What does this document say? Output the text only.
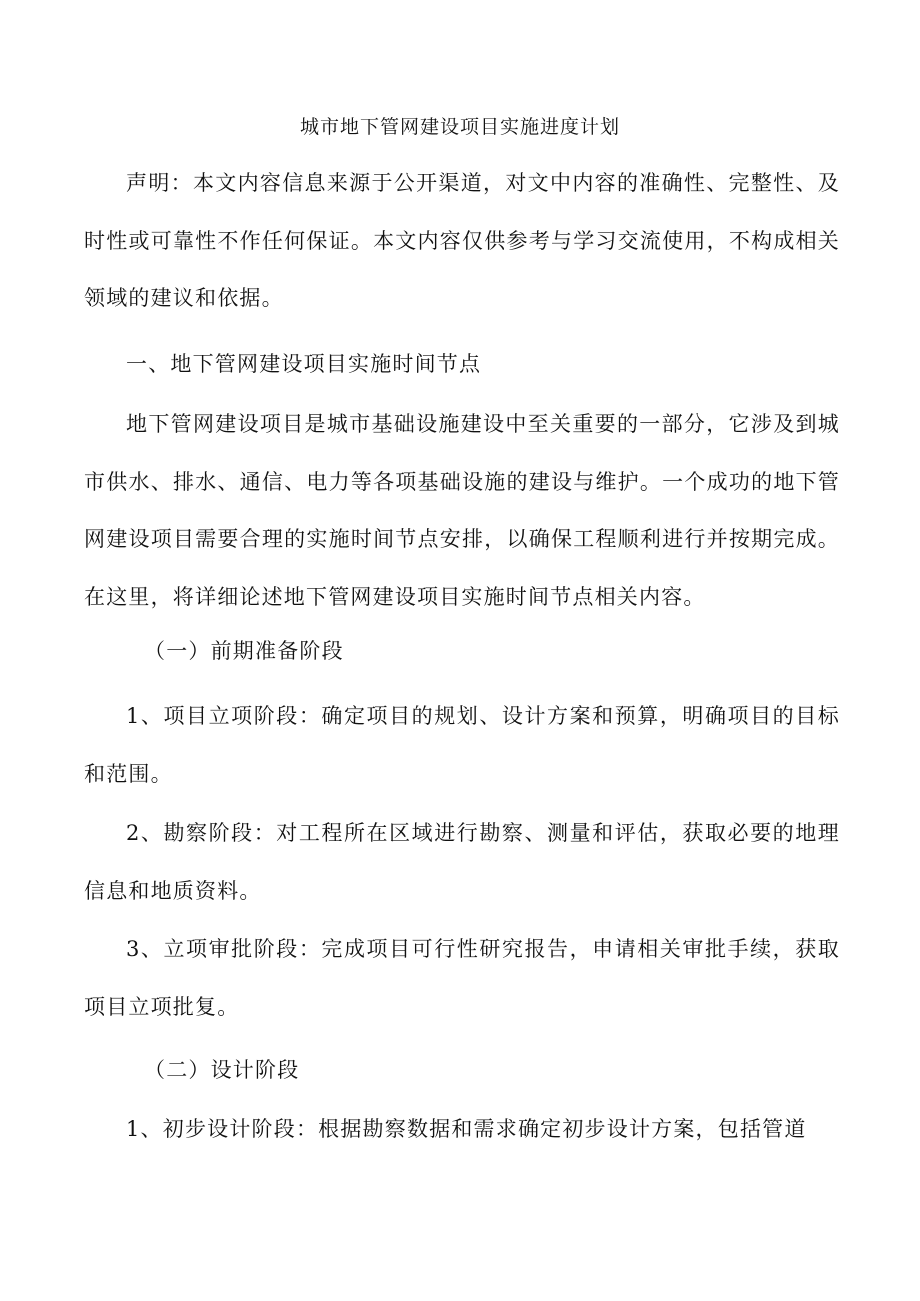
城市地下管网建设项目实施进度计划

声明：本文内容信息来源于公开渠道，对文中内容的准确性、完整性、及时性或可靠性不作任何保证。本文内容仅供参考与学习交流使用，不构成相关领域的建议和依据。

一、地下管网建设项目实施时间节点

地下管网建设项目是城市基础设施建设中至关重要的一部分，它涉及到城市供水、排水、通信、电力等各项基础设施的建设与维护。一个成功的地下管网建设项目需要合理的实施时间节点安排，以确保工程顺利进行并按期完成。在这里，将详细论述地下管网建设项目实施时间节点相关内容。

（一）前期准备阶段

1、项目立项阶段：确定项目的规划、设计方案和预算，明确项目的目标和范围。

2、勘察阶段：对工程所在区域进行勘察、测量和评估，获取必要的地理信息和地质资料。

3、立项审批阶段：完成项目可行性研究报告，申请相关审批手续，获取项目立项批复。

（二）设计阶段

1、初步设计阶段：根据勘察数据和需求确定初步设计方案，包括管道
